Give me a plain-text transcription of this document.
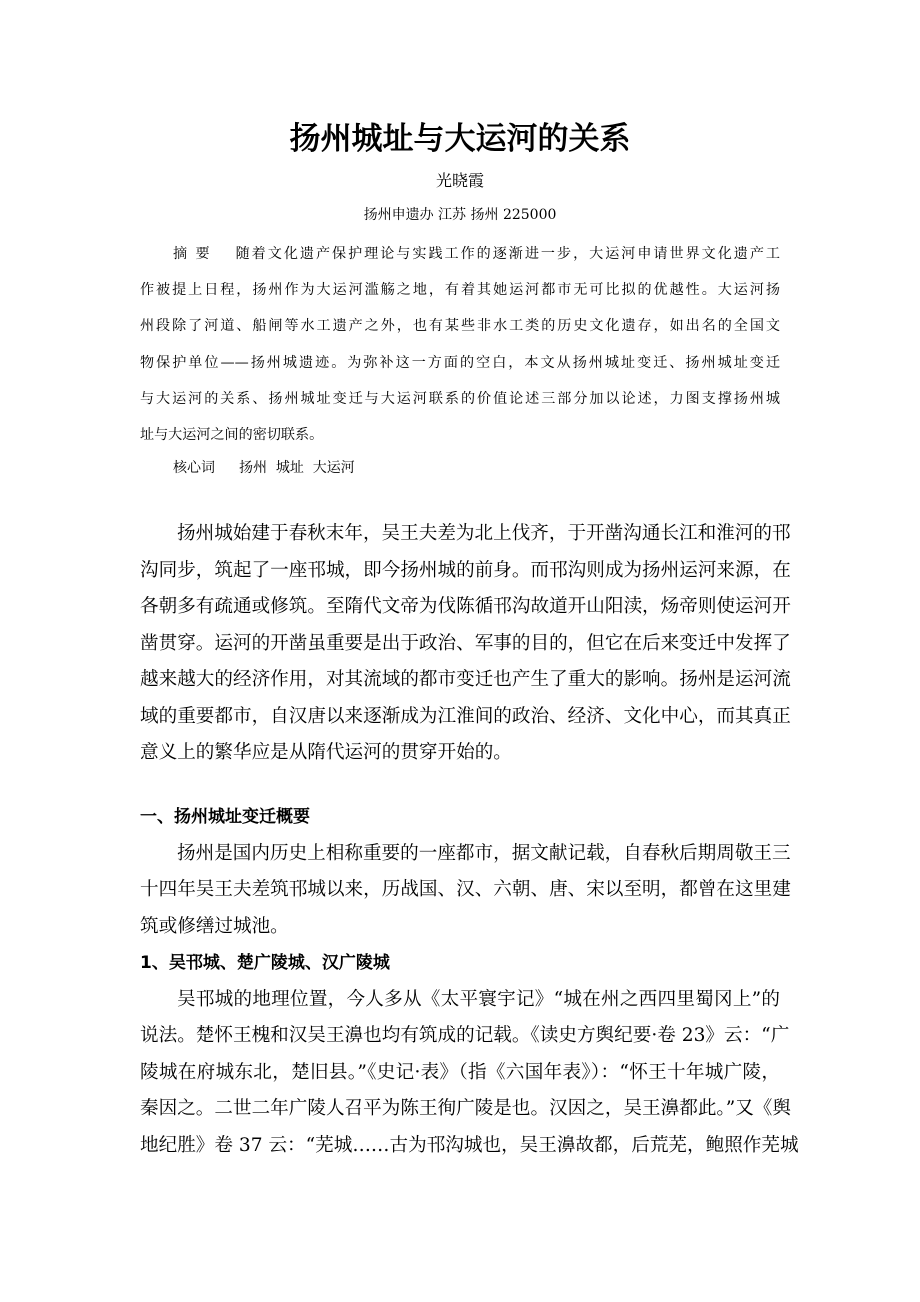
扬州城址与大运河的关系
光晓霞
扬州申遗办 江苏 扬州 225000
摘 要 随着文化遗产保护理论与实践工作的逐渐进一步，大运河申请世界文化遗产工
作被提上日程，扬州作为大运河滥觞之地，有着其她运河都市无可比拟的优越性。大运河扬
州段除了河道、船闸等水工遗产之外，也有某些非水工类的历史文化遗存，如出名的全国文
物保护单位——扬州城遗迹。为弥补这一方面的空白，本文从扬州城址变迁、扬州城址变迁
与大运河的关系、扬州城址变迁与大运河联系的价值论述三部分加以论述，力图支撑扬州城
址与大运河之间的密切联系。
核心词 扬州  城址  大运河
扬州城始建于春秋末年，吴王夫差为北上伐齐，于开凿沟通长江和淮河的邗
沟同步，筑起了一座邗城，即今扬州城的前身。而邗沟则成为扬州运河来源，在
各朝多有疏通或修筑。至隋代文帝为伐陈循邗沟故道开山阳渎，炀帝则使运河开
凿贯穿。运河的开凿虽重要是出于政治、军事的目的，但它在后来变迁中发挥了
越来越大的经济作用，对其流域的都市变迁也产生了重大的影响。扬州是运河流
域的重要都市，自汉唐以来逐渐成为江淮间的政治、经济、文化中心，而其真正
意义上的繁华应是从隋代运河的贯穿开始的。
一、扬州城址变迁概要
扬州是国内历史上相称重要的一座都市，据文献记载，自春秋后期周敬王三
十四年吴王夫差筑邗城以来，历战国、汉、六朝、唐、宋以至明，都曾在这里建
筑或修缮过城池。
1、吴邗城、楚广陵城、汉广陵城
吴邗城的地理位置，今人多从《太平寰宇记》“城在州之西四里蜀冈上”的
说法。楚怀王槐和汉吴王濞也均有筑成的记载。《读史方舆纪要·卷 23》云：“广
陵城在府城东北，楚旧县。”《史记·表》（指《六国年表》）：“怀王十年城广陵，
秦因之。二世二年广陵人召平为陈王徇广陵是也。汉因之，吴王濞都此。”又《舆
地纪胜》卷 37 云：“芜城……古为邗沟城也，吴王濞故都，后荒芜，鲍照作芜城
